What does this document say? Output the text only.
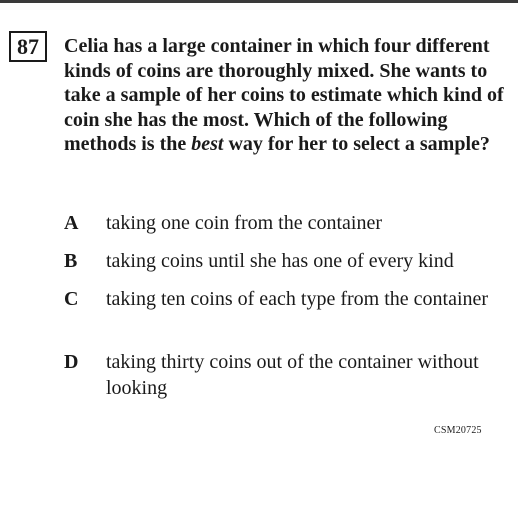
87	Celia has a large container in which four different kinds of coins are thoroughly mixed. She wants to take a sample of her coins to estimate which kind of coin she has the most. Which of the following methods is the best way for her to select a sample?
A taking one coin from the container
B taking coins until she has one of every kind
C taking ten coins of each type from the container
D taking thirty coins out of the container without looking
CSM20725
